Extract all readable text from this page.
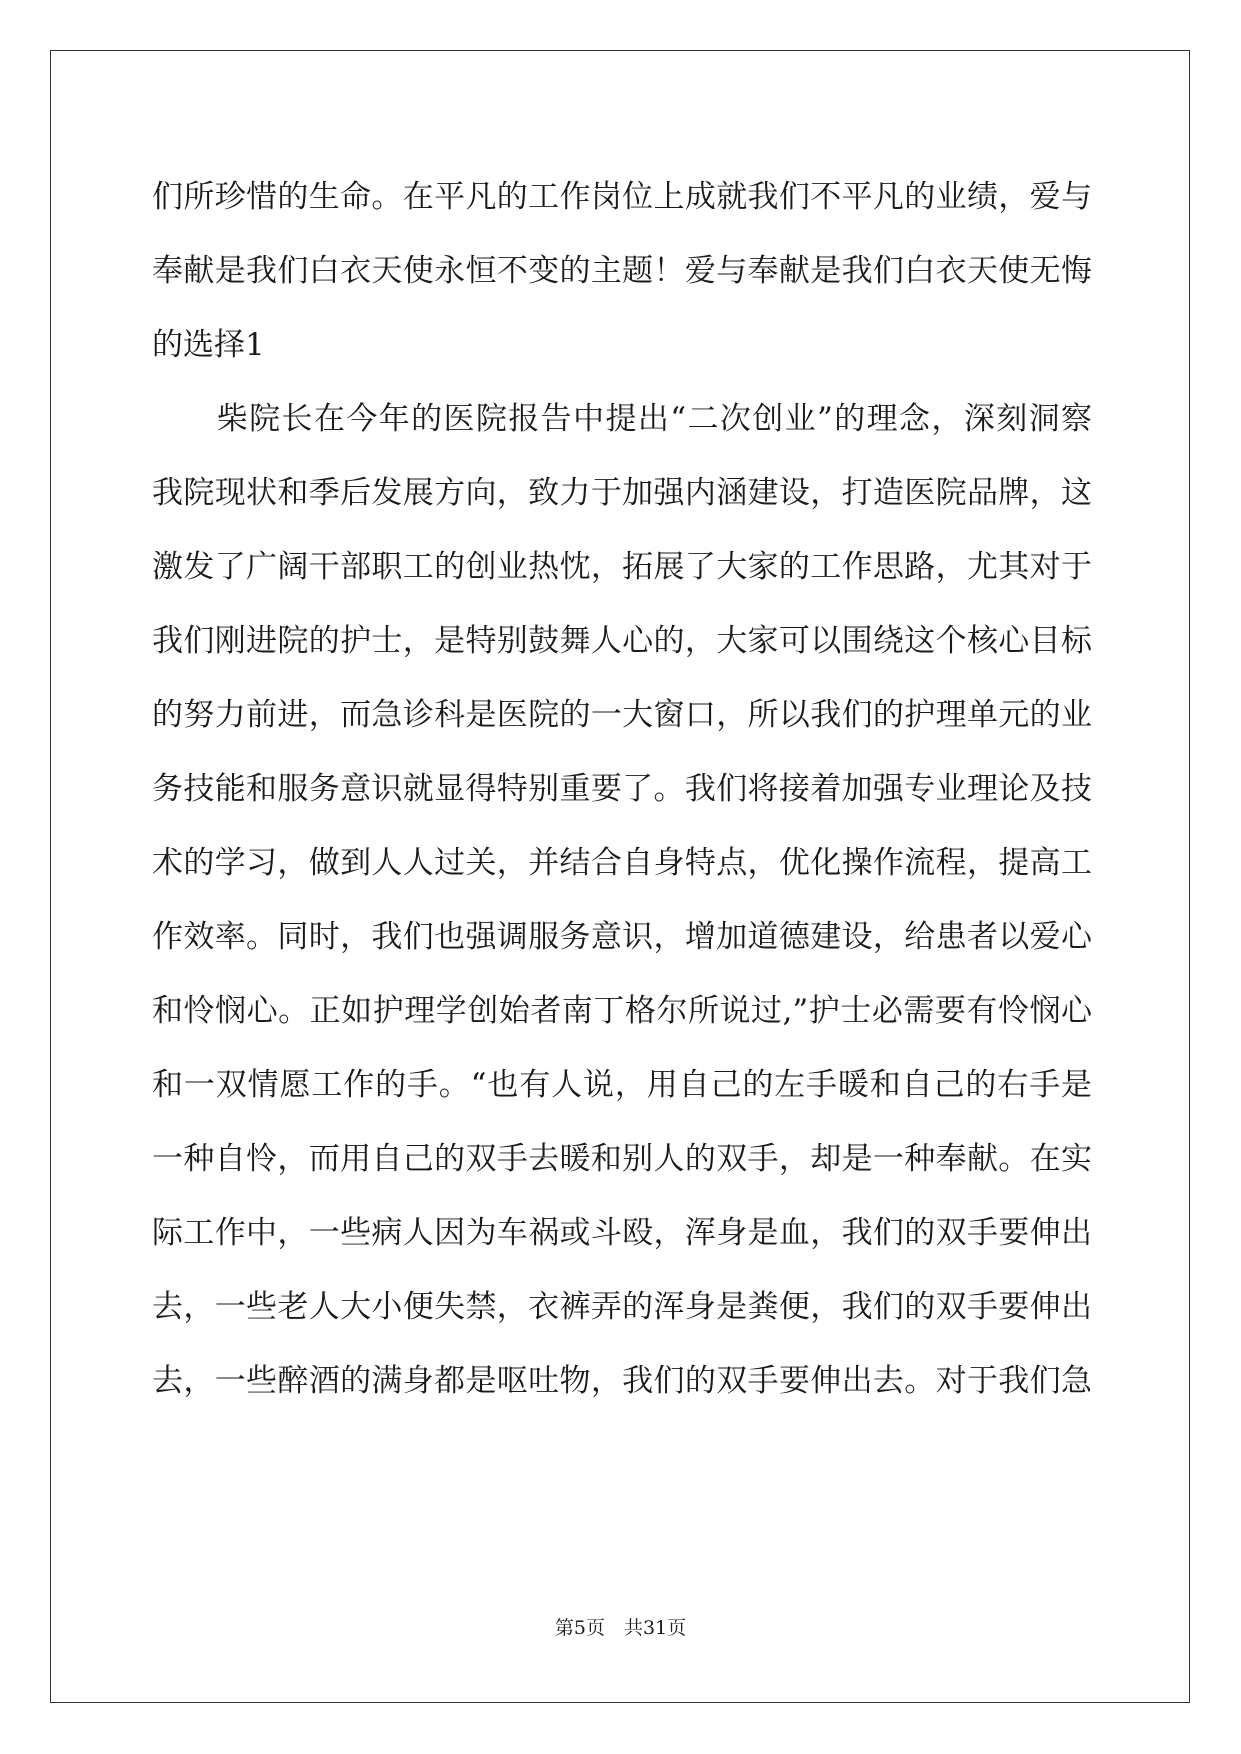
们所珍惜的生命。在平凡的工作岗位上成就我们不平凡的业绩，爱与
奉献是我们白衣天使永恒不变的主题！爱与奉献是我们白衣天使无悔
的选择1
　　柴院长在今年的医院报告中提出“二次创业”的理念，深刻洞察
我院现状和季后发展方向，致力于加强内涵建设，打造医院品牌，这
激发了广阔干部职工的创业热忱，拓展了大家的工作思路，尤其对于
我们刚进院的护士，是特别鼓舞人心的，大家可以围绕这个核心目标
的努力前进，而急诊科是医院的一大窗口，所以我们的护理单元的业
务技能和服务意识就显得特别重要了。我们将接着加强专业理论及技
术的学习，做到人人过关，并结合自身特点，优化操作流程，提高工
作效率。同时，我们也强调服务意识，增加道德建设，给患者以爱心
和怜悯心。正如护理学创始者南丁格尔所说过,”护士必需要有怜悯心
和一双情愿工作的手。“也有人说，用自己的左手暖和自己的右手是
一种自怜，而用自己的双手去暖和别人的双手，却是一种奉献。在实
际工作中，一些病人因为车祸或斗殴，浑身是血，我们的双手要伸出
去，一些老人大小便失禁，衣裤弄的浑身是粪便，我们的双手要伸出
去，一些醉酒的满身都是呕吐物，我们的双手要伸出去。对于我们急
第5页　共31页
